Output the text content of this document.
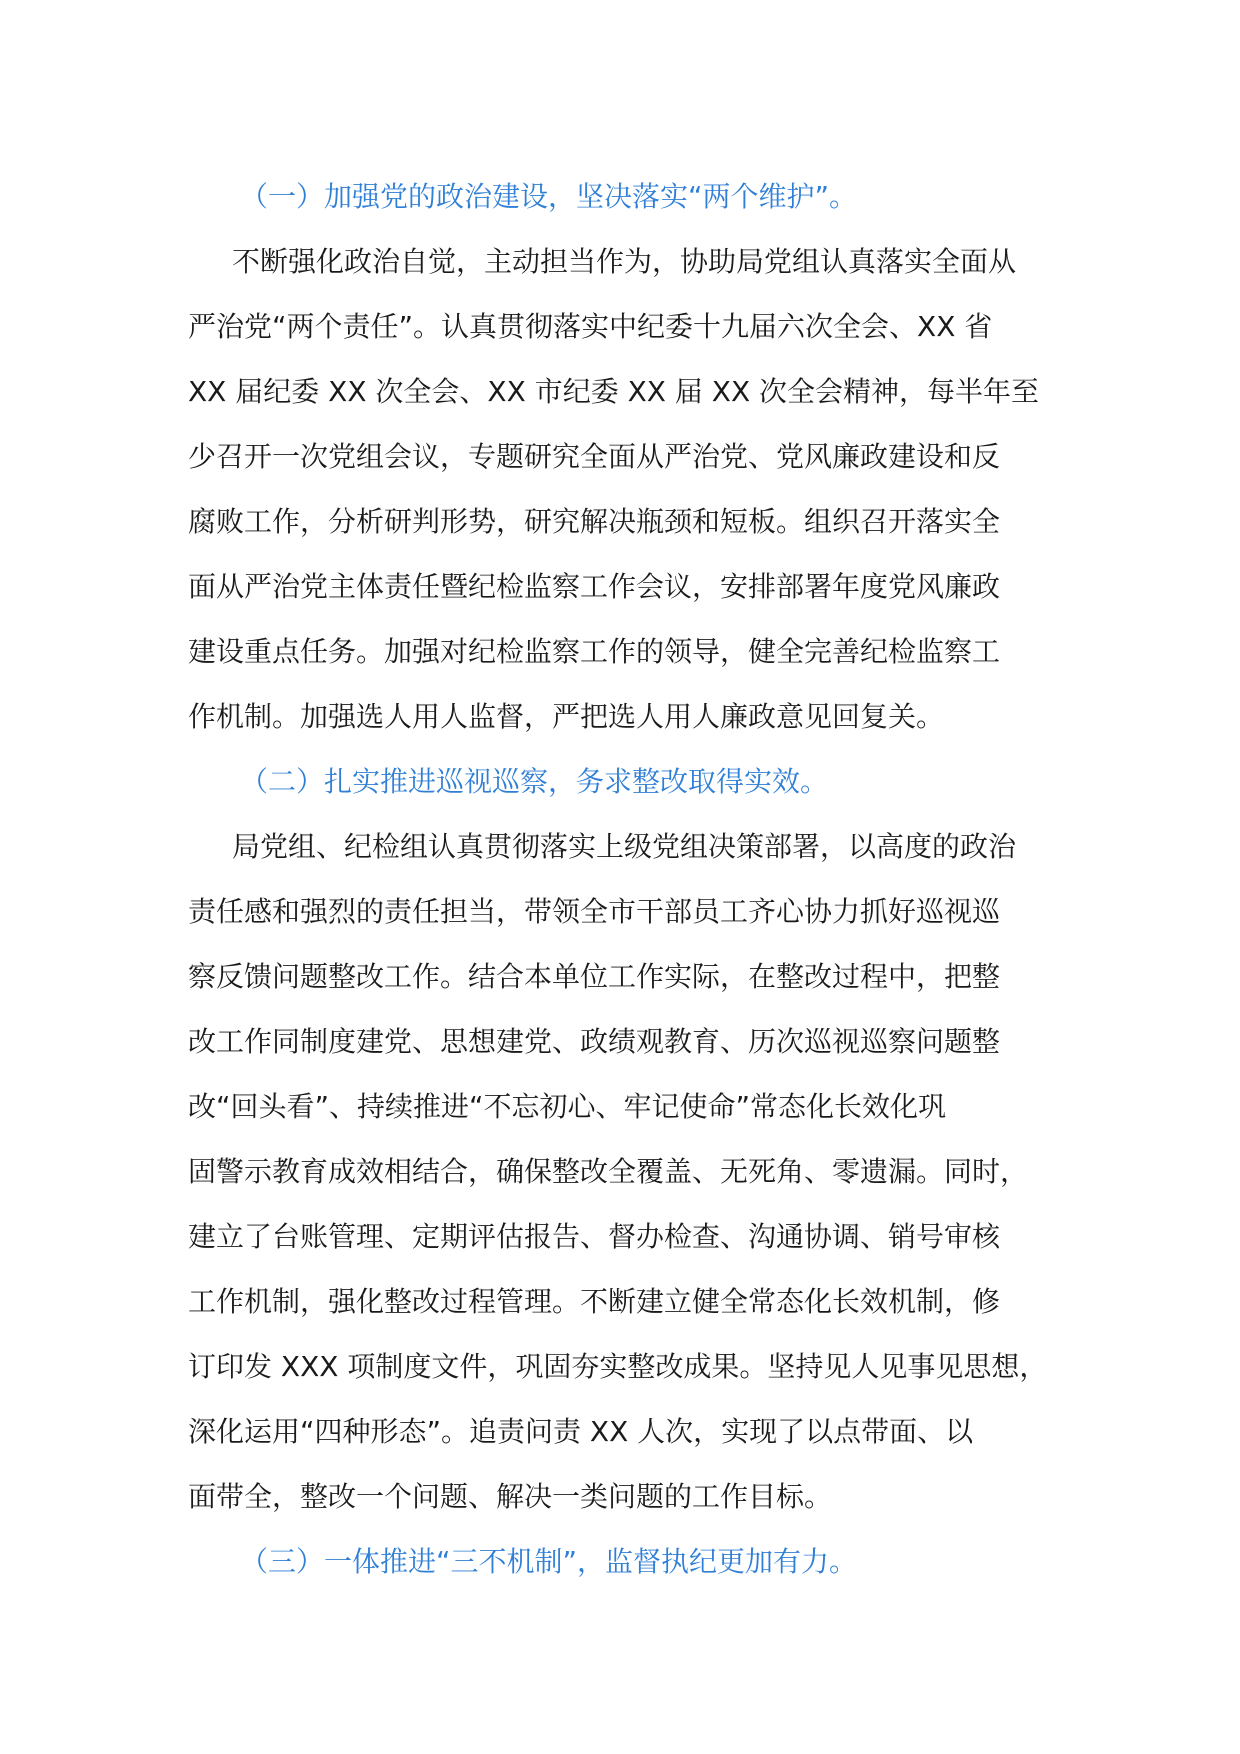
（一）加强党的政治建设，坚决落实“两个维护”。

不断强化政治自觉，主动担当作为，协助局党组认真落实全面从
严治党“两个责任”。认真贯彻落实中纪委十九届六次全会、XX 省
XX 届纪委 XX 次全会、XX 市纪委 XX 届 XX 次全会精神，每半年至
少召开一次党组会议，专题研究全面从严治党、党风廉政建设和反
腐败工作，分析研判形势，研究解决瓶颈和短板。组织召开落实全
面从严治党主体责任暨纪检监察工作会议，安排部署年度党风廉政
建设重点任务。加强对纪检监察工作的领导，健全完善纪检监察工
作机制。加强选人用人监督，严把选人用人廉政意见回复关。

（二）扎实推进巡视巡察，务求整改取得实效。

局党组、纪检组认真贯彻落实上级党组决策部署，以高度的政治
责任感和强烈的责任担当，带领全市干部员工齐心协力抓好巡视巡
察反馈问题整改工作。结合本单位工作实际，在整改过程中，把整
改工作同制度建党、思想建党、政绩观教育、历次巡视巡察问题整
改“回头看”、持续推进“不忘初心、牢记使命”常态化长效化巩
固警示教育成效相结合，确保整改全覆盖、无死角、零遗漏。同时，
建立了台账管理、定期评估报告、督办检查、沟通协调、销号审核
工作机制，强化整改过程管理。不断建立健全常态化长效机制，修
订印发 XXX 项制度文件，巩固夯实整改成果。坚持见人见事见思想，
深化运用“四种形态”。追责问责 XX 人次，实现了以点带面、以
面带全，整改一个问题、解决一类问题的工作目标。

（三）一体推进“三不机制”，监督执纪更加有力。
